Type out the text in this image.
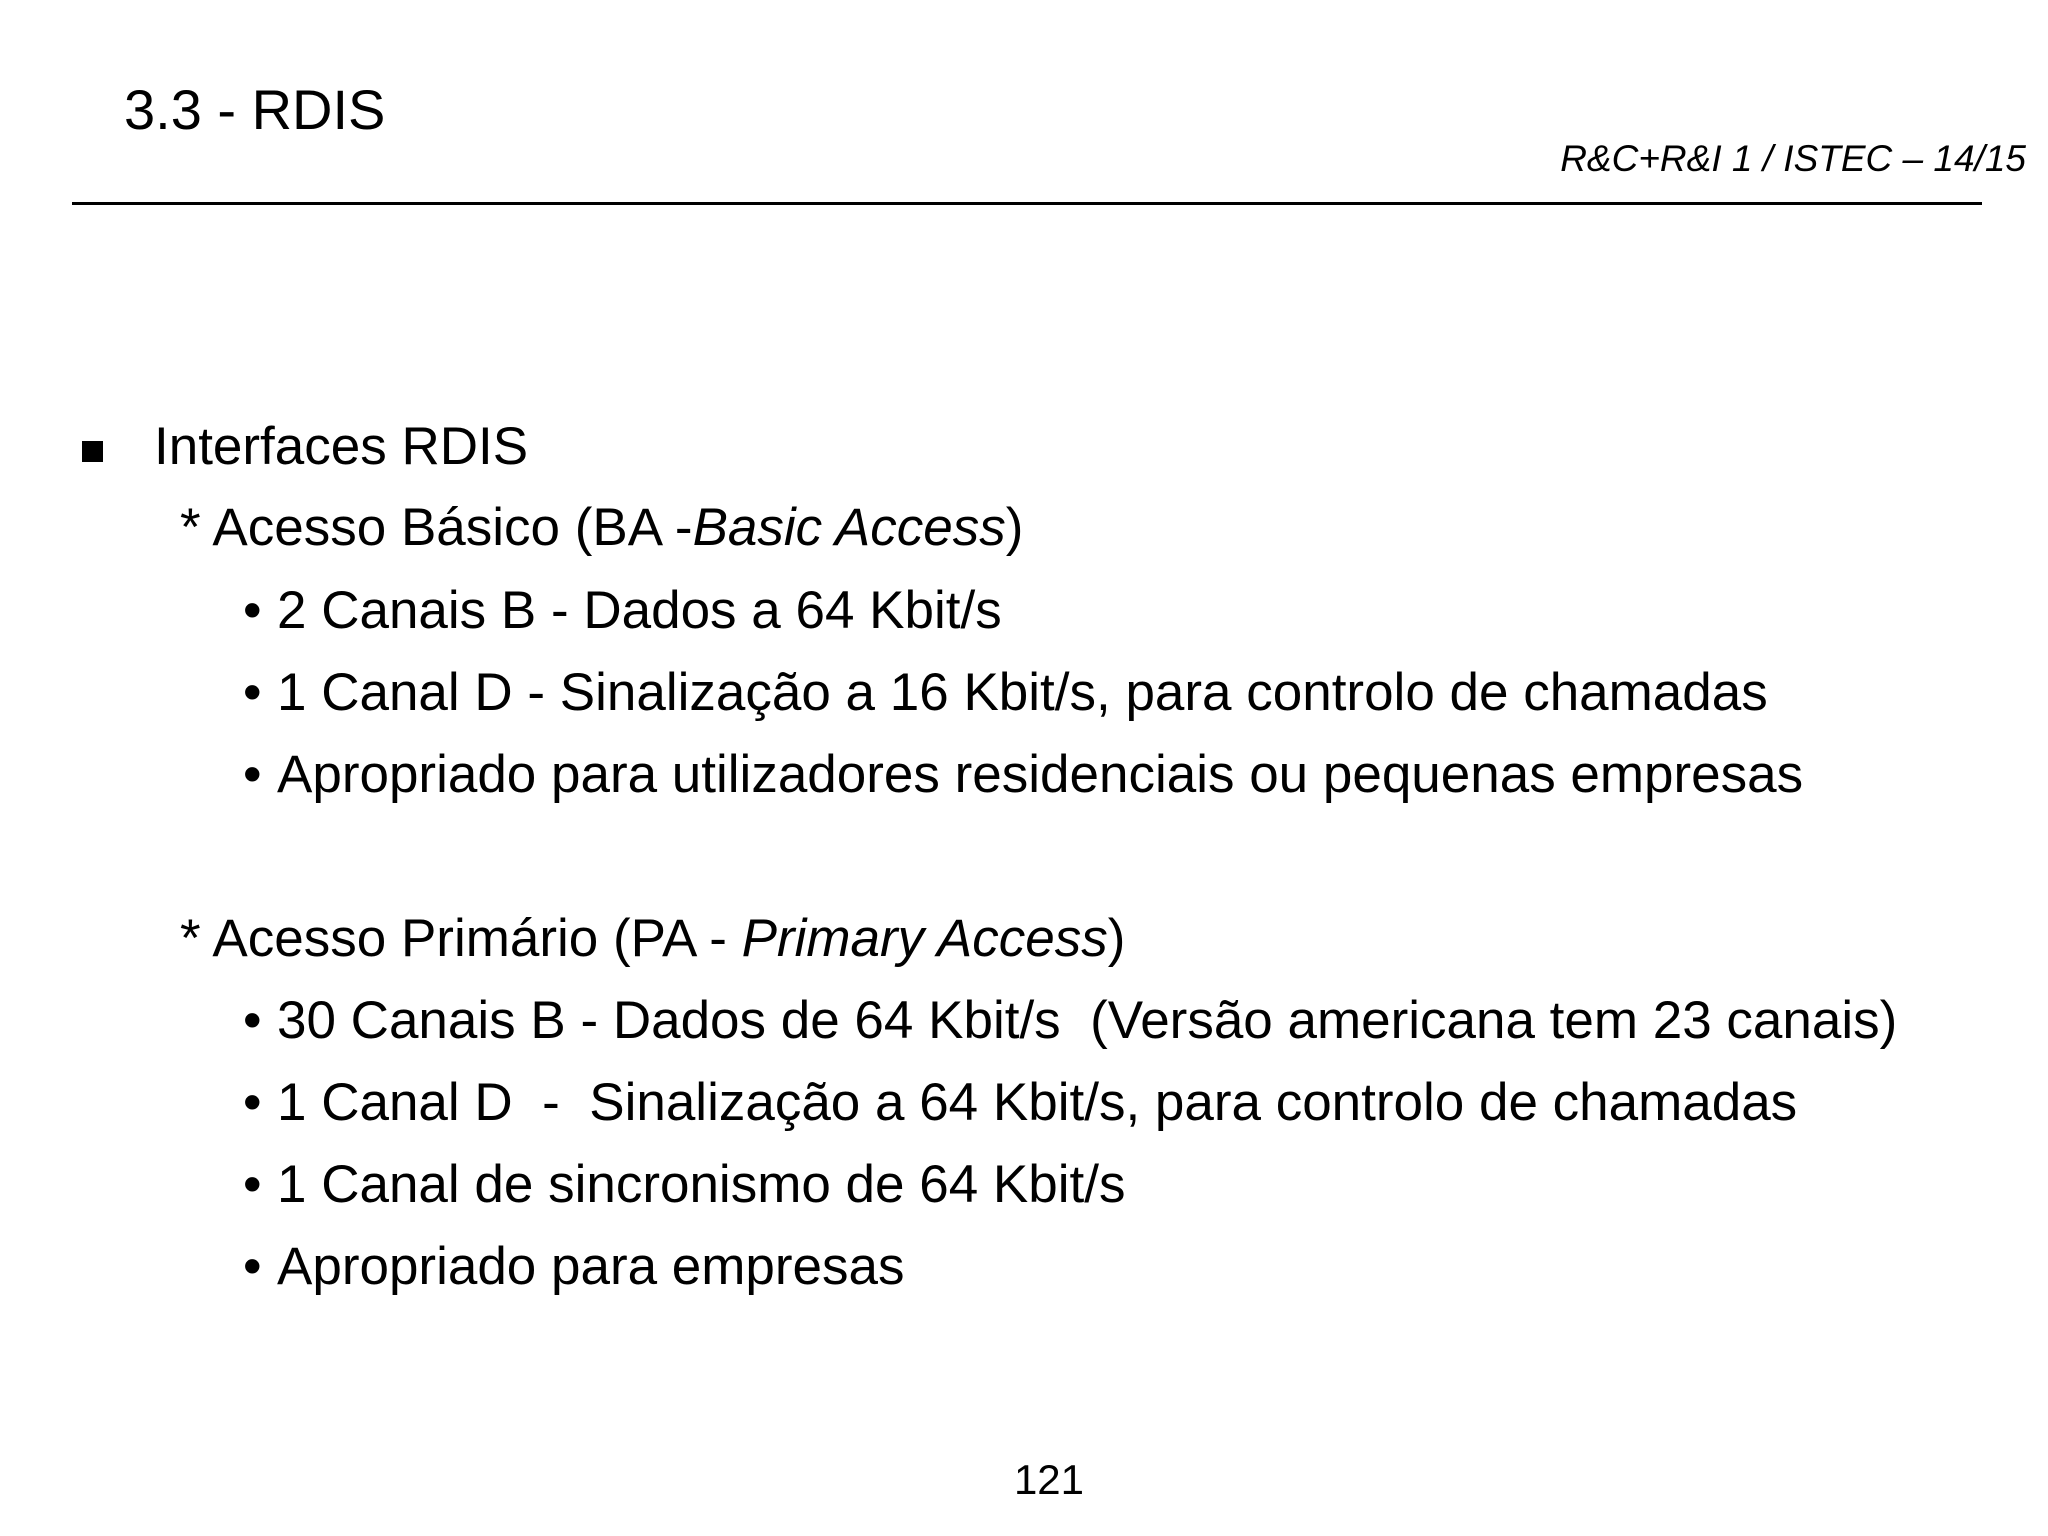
3.3 - RDIS
R&C+R&I 1 / ISTEC – 14/15
Interfaces RDIS
* Acesso Básico (BA -Basic Access)
• 2 Canais B - Dados a 64 Kbit/s
• 1 Canal D - Sinalização a 16 Kbit/s, para controlo de chamadas
• Apropriado para utilizadores residenciais ou pequenas empresas
* Acesso Primário (PA - Primary Access)
• 30 Canais B - Dados de 64 Kbit/s  (Versão americana tem 23 canais)
• 1 Canal D  -  Sinalização a 64 Kbit/s, para controlo de chamadas
• 1 Canal de sincronismo de 64 Kbit/s
• Apropriado para empresas
121
